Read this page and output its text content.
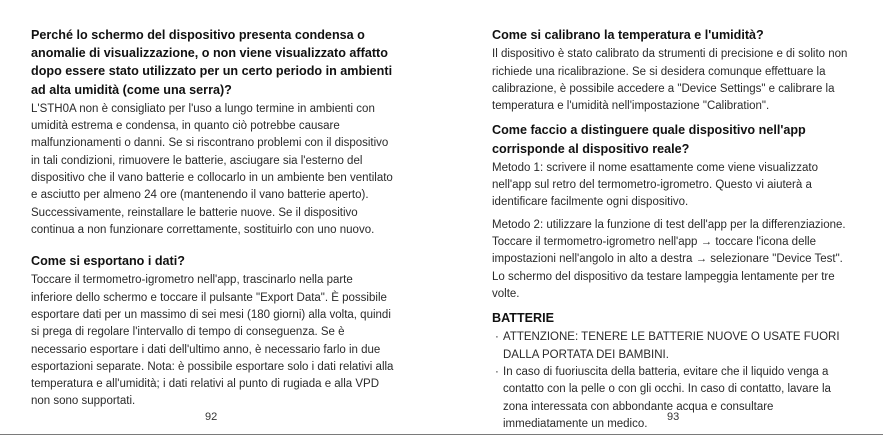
Perché lo schermo del dispositivo presenta condensa o anomalie di visualizzazione, o non viene visualizzato affatto dopo essere stato utilizzato per un certo periodo in ambienti ad alta umidità (come una serra)?

L'STH0A non è consigliato per l'uso a lungo termine in ambienti con umidità estrema e condensa, in quanto ciò potrebbe causare malfunzionamenti o danni. Se si riscontrano problemi con il dispositivo in tali condizioni, rimuovere le batterie, asciugare sia l'esterno del dispositivo che il vano batterie e collocarlo in un ambiente ben ventilato e asciutto per almeno 24 ore (mantenendo il vano batterie aperto). Successivamente, reinstallare le batterie nuove. Se il dispositivo continua a non funzionare correttamente, sostituirlo con uno nuovo.

Come si esportano i dati?

Toccare il termometro-igrometro nell'app, trascinarlo nella parte inferiore dello schermo e toccare il pulsante "Export Data". È possibile esportare dati per un massimo di sei mesi (180 giorni) alla volta, quindi si prega di regolare l'intervallo di tempo di conseguenza. Se è necessario esportare i dati dell'ultimo anno, è necessario farlo in due esportazioni separate. Nota: è possibile esportare solo i dati relativi alla temperatura e all'umidità; i dati relativi al punto di rugiada e alla VPD non sono supportati.

Come si calibrano la temperatura e l'umidità?

Il dispositivo è stato calibrato da strumenti di precisione e di solito non richiede una ricalibrazione. Se si desidera comunque effettuare la calibrazione, è possibile accedere a "Device Settings" e calibrare la temperatura e l'umidità nell'impostazione "Calibration".

Come faccio a distinguere quale dispositivo nell'app corrisponde al dispositivo reale?

Metodo 1: scrivere il nome esattamente come viene visualizzato nell'app sul retro del termometro-igrometro. Questo vi aiuterà a identificare facilmente ogni dispositivo.

Metodo 2: utilizzare la funzione di test dell'app per la differenziazione. Toccare il termometro-igrometro nell'app → toccare l'icona delle impostazioni nell'angolo in alto a destra → selezionare "Device Test". Lo schermo del dispositivo da testare lampeggia lentamente per tre volte.

BATTERIE
· ATTENZIONE: TENERE LE BATTERIE NUOVE O USATE FUORI DALLA PORTATA DEI BAMBINI.
· In caso di fuoriuscita della batteria, evitare che il liquido venga a contatto con la pelle o con gli occhi. In caso di contatto, lavare la zona interessata con abbondante acqua e consultare immediatamente un medico.
92	93
